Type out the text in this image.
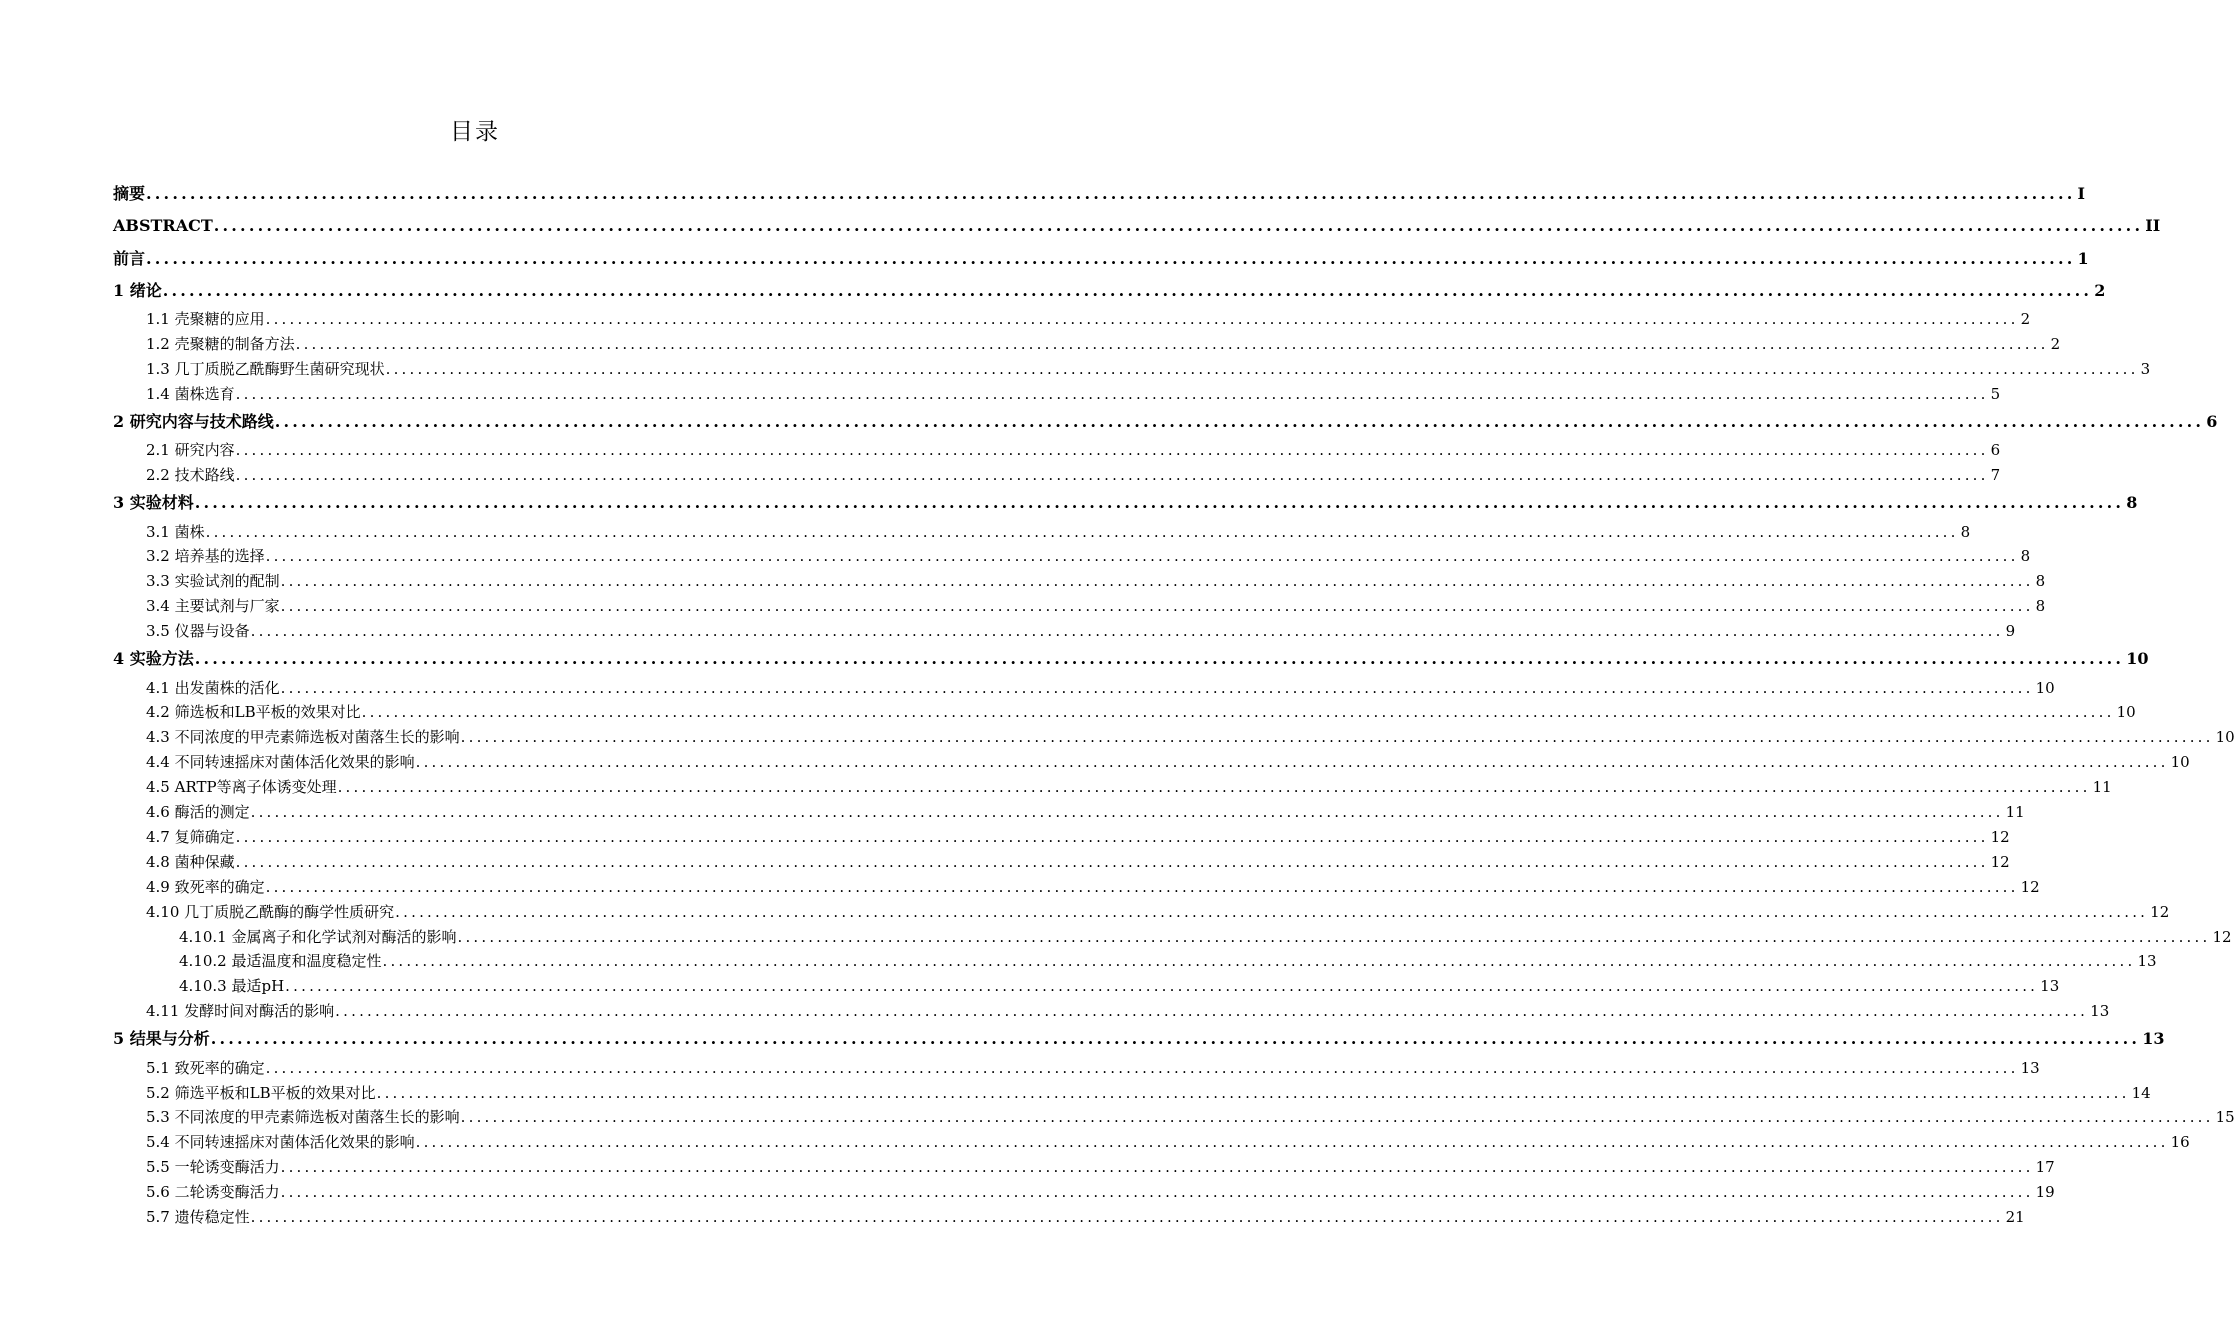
目录
摘要 ............................................................................................................................................................................................................................ I
ABSTRACT ............................................................................................................................................................................................................................ II
前言 ............................................................................................................................................................................................................................ 1
1 绪论 ............................................................................................................................................................................................................................ 2
1.1 壳聚糖的应用 ............................................................................................................................................................................................................................ 2
1.2 壳聚糖的制备方法 ............................................................................................................................................................................................................................ 2
1.3 几丁质脱乙酰酶野生菌研究现状 ............................................................................................................................................................................................................................ 3
1.4 菌株选育 ............................................................................................................................................................................................................................ 5
2 研究内容与技术路线 ............................................................................................................................................................................................................................ 6
2.1 研究内容 ............................................................................................................................................................................................................................ 6
2.2 技术路线 ............................................................................................................................................................................................................................ 7
3 实验材料 ............................................................................................................................................................................................................................ 8
3.1 菌株 ............................................................................................................................................................................................................................ 8
3.2 培养基的选择 ............................................................................................................................................................................................................................ 8
3.3 实验试剂的配制 ............................................................................................................................................................................................................................ 8
3.4 主要试剂与厂家 ............................................................................................................................................................................................................................ 8
3.5 仪器与设备 ............................................................................................................................................................................................................................ 9
4 实验方法 ............................................................................................................................................................................................................................ 10
4.1 出发菌株的活化 ............................................................................................................................................................................................................................ 10
4.2 筛选板和LB平板的效果对比 ............................................................................................................................................................................................................................ 10
4.3 不同浓度的甲壳素筛选板对菌落生长的影响 ............................................................................................................................................................................................................................ 10
4.4 不同转速摇床对菌体活化效果的影响 ............................................................................................................................................................................................................................ 10
4.5 ARTP等离子体诱变处理 ............................................................................................................................................................................................................................ 11
4.6 酶活的测定 ............................................................................................................................................................................................................................ 11
4.7 复筛确定 ............................................................................................................................................................................................................................ 12
4.8 菌种保藏 ............................................................................................................................................................................................................................ 12
4.9 致死率的确定 ............................................................................................................................................................................................................................ 12
4.10 几丁质脱乙酰酶的酶学性质研究 ............................................................................................................................................................................................................................ 12
4.10.1 金属离子和化学试剂对酶活的影响 ............................................................................................................................................................................................................................ 12
4.10.2 最适温度和温度稳定性 ............................................................................................................................................................................................................................ 13
4.10.3 最适pH ............................................................................................................................................................................................................................ 13
4.11 发酵时间对酶活的影响 ............................................................................................................................................................................................................................ 13
5 结果与分析 ............................................................................................................................................................................................................................ 13
5.1 致死率的确定 ............................................................................................................................................................................................................................ 13
5.2 筛选平板和LB平板的效果对比 ............................................................................................................................................................................................................................ 14
5.3 不同浓度的甲壳素筛选板对菌落生长的影响 ............................................................................................................................................................................................................................ 15
5.4 不同转速摇床对菌体活化效果的影响 ............................................................................................................................................................................................................................ 16
5.5 一轮诱变酶活力 ............................................................................................................................................................................................................................ 17
5.6 二轮诱变酶活力 ............................................................................................................................................................................................................................ 19
5.7 遗传稳定性 ............................................................................................................................................................................................................................ 21
